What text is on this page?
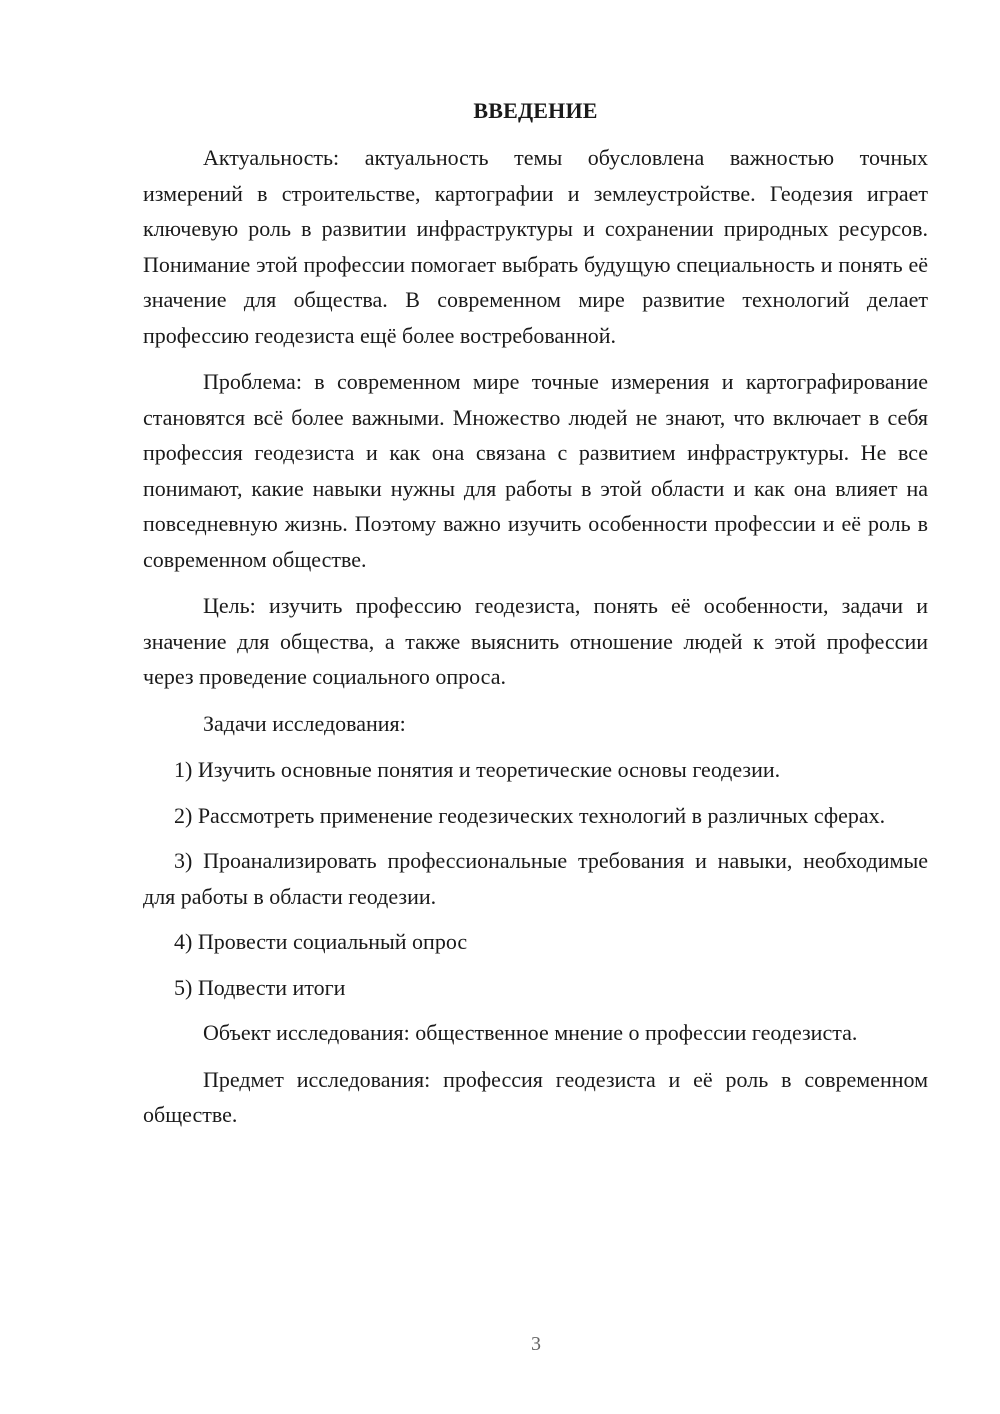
ВВЕДЕНИЕ

Актуальность: актуальность темы обусловлена важностью точных измерений в строительстве, картографии и землеустройстве. Геодезия играет ключевую роль в развитии инфраструктуры и сохранении природных ресурсов. Понимание этой профессии помогает выбрать будущую специальность и понять её значение для общества. В современном мире развитие технологий делает профессию геодезиста ещё более востребованной.

Проблема: в современном мире точные измерения и картографирование становятся всё более важными. Множество людей не знают, что включает в себя профессия геодезиста и как она связана с развитием инфраструктуры. Не все понимают, какие навыки нужны для работы в этой области и как она влияет на повседневную жизнь. Поэтому важно изучить особенности профессии и её роль в современном обществе.

Цель: изучить профессию геодезиста, понять её особенности, задачи и значение для общества, а также выяснить отношение людей к этой профессии через проведение социального опроса.

Задачи исследования:

1) Изучить основные понятия и теоретические основы геодезии.

2) Рассмотреть применение геодезических технологий в различных сферах.

3) Проанализировать профессиональные требования и навыки, необходимые для работы в области геодезии.

4) Провести социальный опрос

5) Подвести итоги

Объект исследования: общественное мнение о профессии геодезиста.

Предмет исследования: профессия геодезиста и её роль в современном обществе.

3
